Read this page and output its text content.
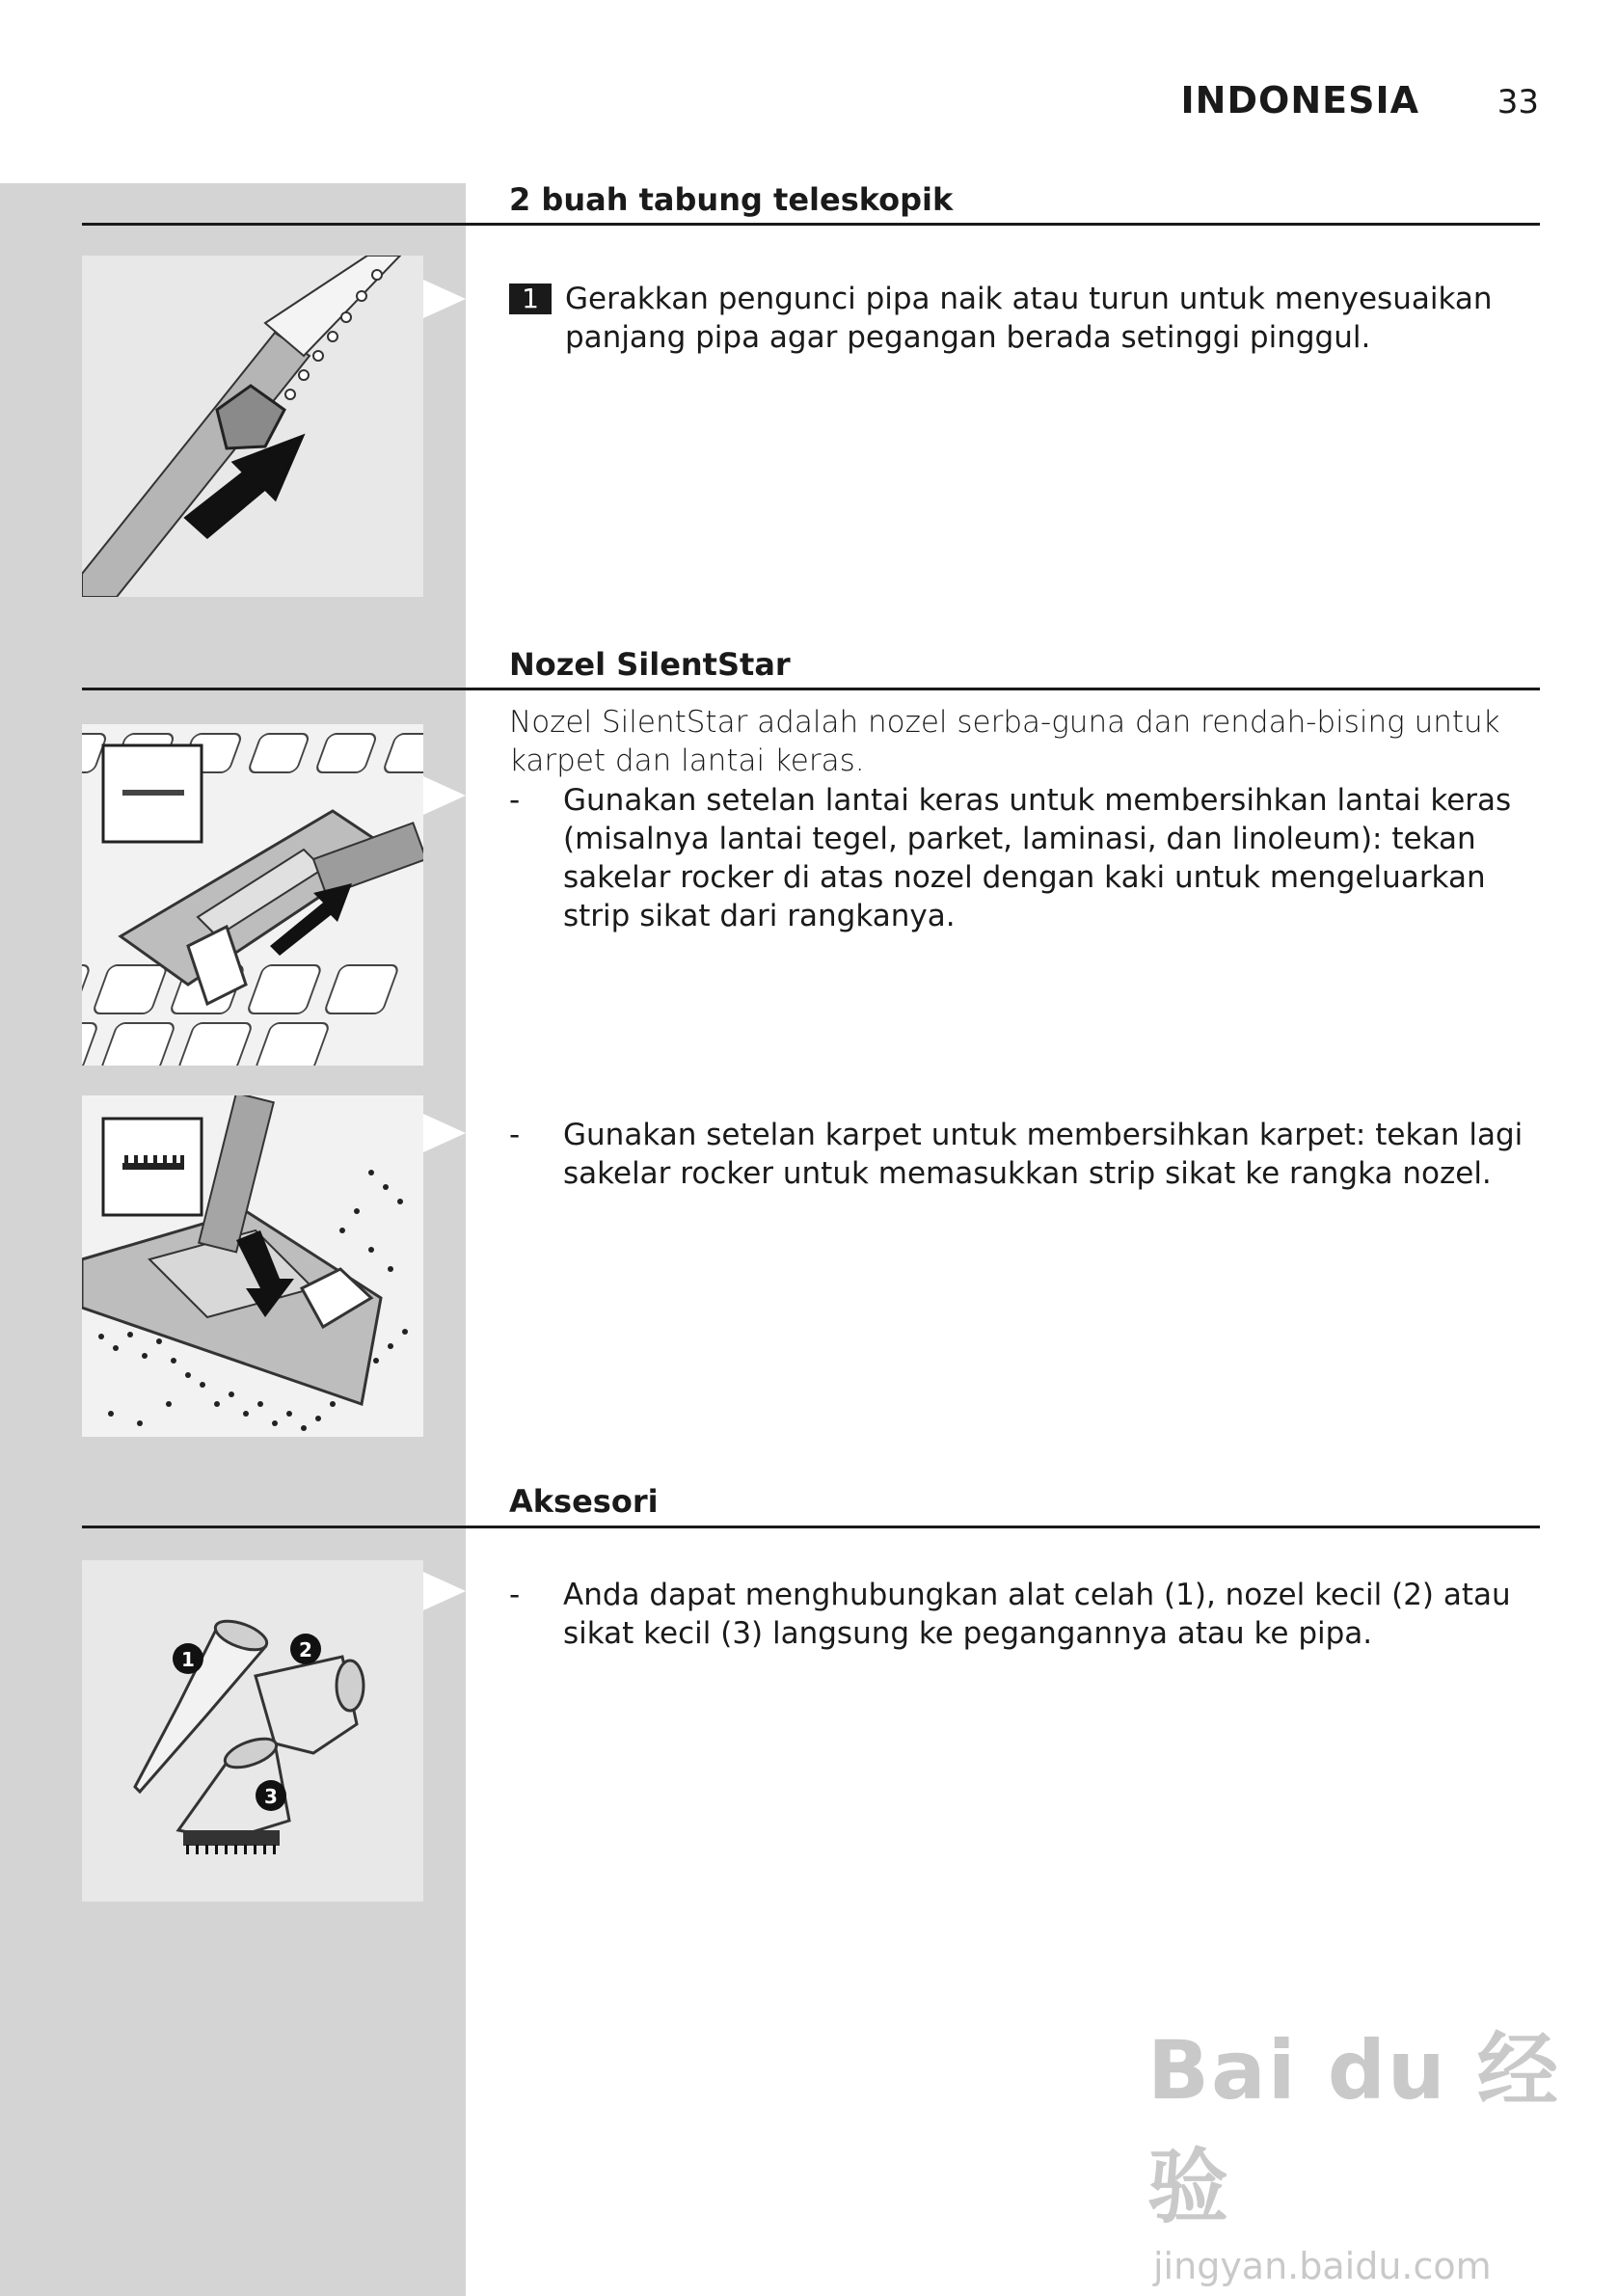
INDONESIA 33
2 buah tabung teleskopik
1 Gerakkan pengunci pipa naik atau turun untuk menyesuaikan panjang pipa agar pegangan berada setinggi pinggul.
Nozel SilentStar
Nozel SilentStar adalah nozel serba-guna dan rendah-bising untuk karpet dan lantai keras.
- Gunakan setelan lantai keras untuk membersihkan lantai keras (misalnya lantai tegel, parket, laminasi, dan linoleum): tekan sakelar rocker di atas nozel dengan kaki untuk mengeluarkan strip sikat dari rangkanya.
- Gunakan setelan karpet untuk membersihkan karpet: tekan lagi sakelar rocker untuk memasukkan strip sikat ke rangka nozel.
Aksesori
1	2
3
- Anda dapat menghubungkan alat celah (1), nozel kecil (2) atau sikat kecil (3) langsung ke pegangannya atau ke pipa.
Bai du 经验
jingyan.baidu.com
